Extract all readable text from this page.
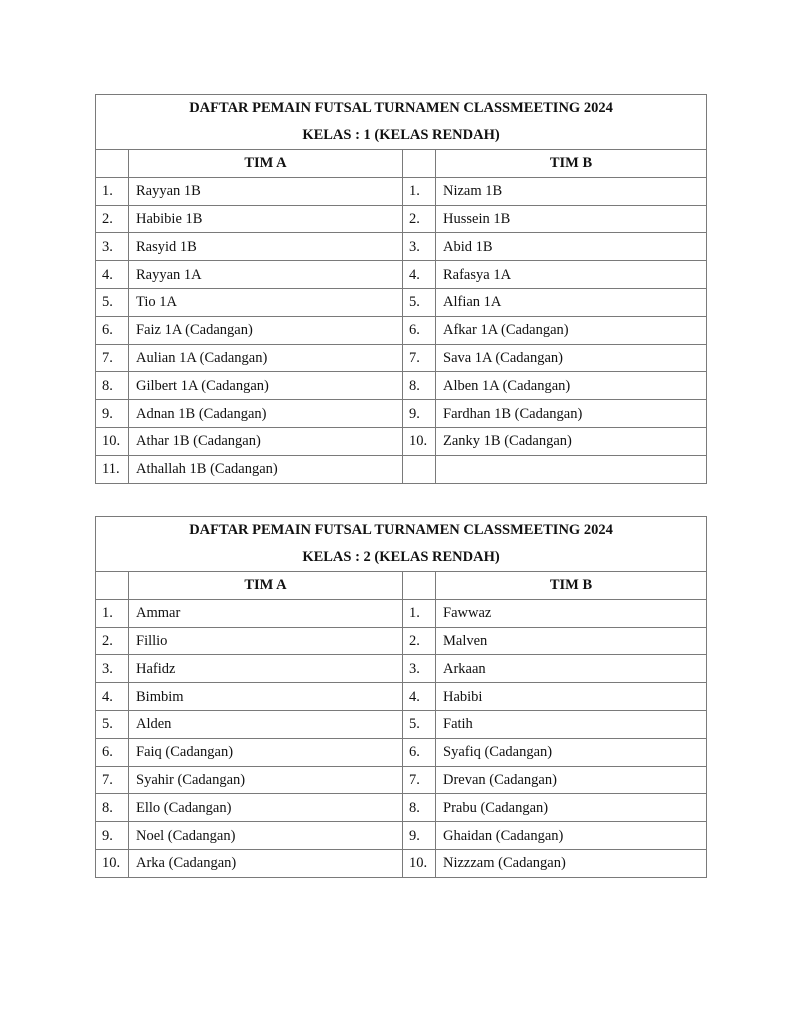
DAFTAR PEMAIN FUTSAL TURNAMEN CLASSMEETING 2024
KELAS : 1 (KELAS RENDAH)			

	TIM A		TIM B
1.	Rayyan 1B	1.	Nizam 1B
2.	Habibie 1B	2.	Hussein 1B
3.	Rasyid 1B	3.	Abid 1B
4.	Rayyan 1A	4.	Rafasya 1A
5.	Tio 1A	5.	Alfian 1A
6.	Faiz 1A (Cadangan)	6.	Afkar 1A (Cadangan)
7.	Aulian 1A (Cadangan)	7.	Sava 1A (Cadangan)
8.	Gilbert 1A (Cadangan)	8.	Alben 1A (Cadangan)
9.	Adnan 1B (Cadangan)	9.	Fardhan 1B (Cadangan)
10.	Athar 1B (Cadangan)	10.	Zanky 1B (Cadangan)
11.	Athallah 1B (Cadangan)		
DAFTAR PEMAIN FUTSAL TURNAMEN CLASSMEETING 2024
KELAS : 2 (KELAS RENDAH)			

	TIM A		TIM B
1.	Ammar	1.	Fawwaz
2.	Fillio	2.	Malven
3.	Hafidz	3.	Arkaan
4.	Bimbim	4.	Habibi
5.	Alden	5.	Fatih
6.	Faiq (Cadangan)	6.	Syafiq (Cadangan)
7.	Syahir (Cadangan)	7.	Drevan (Cadangan)
8.	Ello (Cadangan)	8.	Prabu (Cadangan)
9.	Noel (Cadangan)	9.	Ghaidan (Cadangan)
10.	Arka (Cadangan)	10.	Nizzzam (Cadangan)
